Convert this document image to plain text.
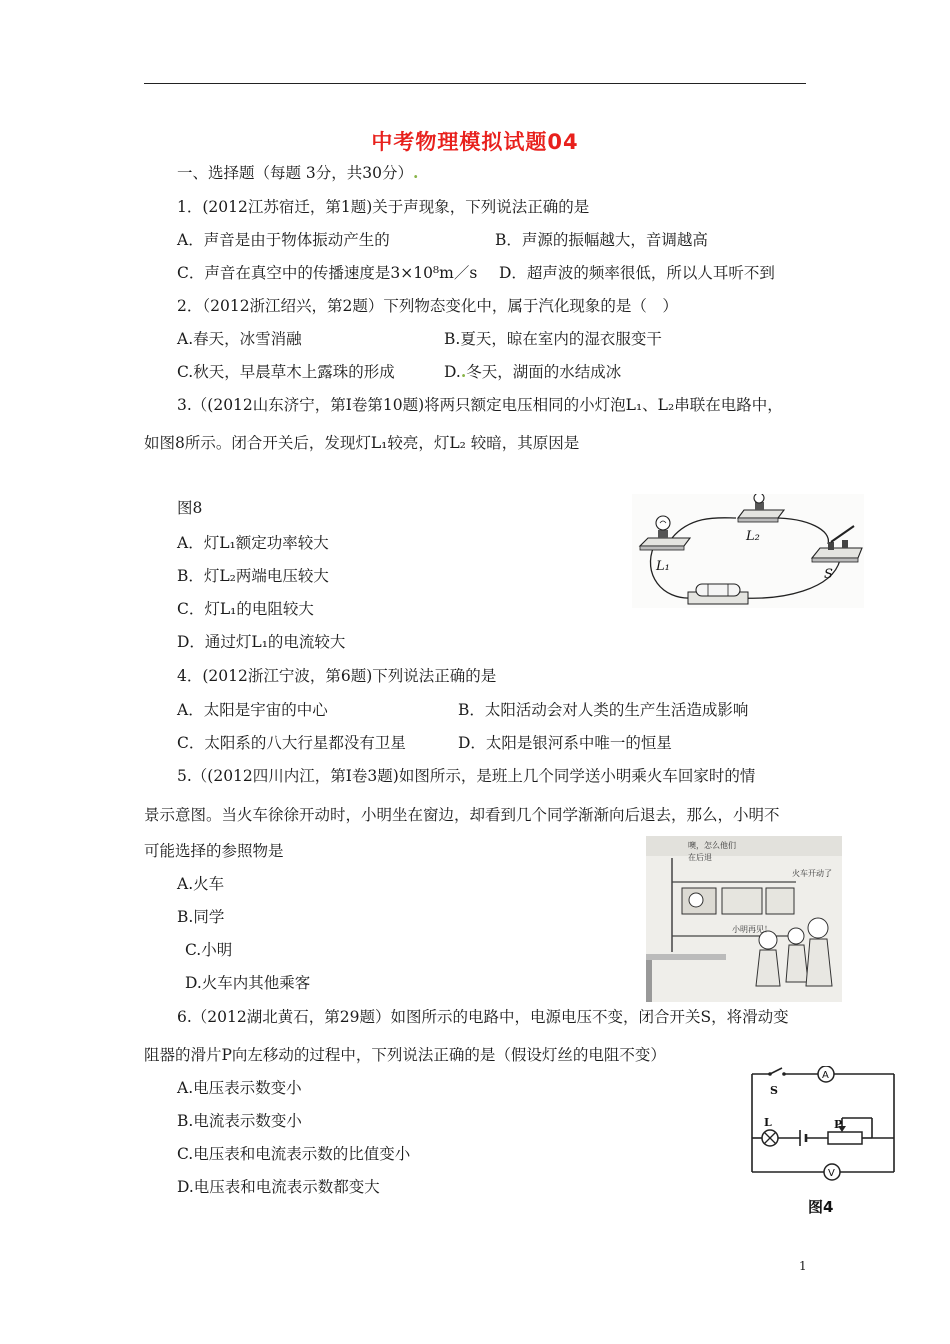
中考物理模拟试题04
一、选择题（每题 3分，共30分）.
1．(2012江苏宿迁，第1题)关于声现象，下列说法正确的是
A．声音是由于物体振动产生的	B．声源的振幅越大，音调越高
C．声音在真空中的传播速度是3×10⁸m／s D．超声波的频率很低，所以人耳听不到
2．（2012浙江绍兴，第2题）下列物态变化中，属于汽化现象的是（　）
A.春天，冰雪消融	B.夏天，晾在室内的湿衣服变干
C.秋天，早晨草木上露珠的形成	D..冬天，湖面的水结成冰
3.（(2012山东济宁，第Ⅰ卷第10题)将两只额定电压相同的小灯泡L₁、L₂串联在电路中，
如图8所示。闭合开关后，发现灯L₁较亮，灯L₂ 较暗，其原因是
图8
A．灯L₁额定功率较大
B．灯L₂两端电压较大
C．灯L₁的电阻较大
D．通过灯L₁的电流较大
L₁
L₂
S
4．(2012浙江宁波，第6题)下列说法正确的是
A．太阳是宇宙的中心	B．太阳活动会对人类的生产生活造成影响
C．太阳系的八大行星都没有卫星	D．太阳是银河系中唯一的恒星
5.（(2012四川内江，第Ⅰ卷3题)如图所示，是班上几个同学送小明乘火车回家时的情
景示意图。当火车徐徐开动时，小明坐在窗边，却看到几个同学渐渐向后退去，那么，小明不
可能选择的参照物是
A.火车
B.同学
C.小明
D.火车内其他乘客
噢，怎么他们
在后退
火车开动了
小明再见！
6.（2012湖北黄石，第29题）如图所示的电路中，电源电压不变，闭合开关S，将滑动变
阻器的滑片P向左移动的过程中，下列说法正确的是（假设灯丝的电阻不变）
A.电压表示数变小
B.电流表示数变小
C.电压表和电流表示数的比值变小
D.电压表和电流表示数都变大
S
A
L	P
V
图4
1
